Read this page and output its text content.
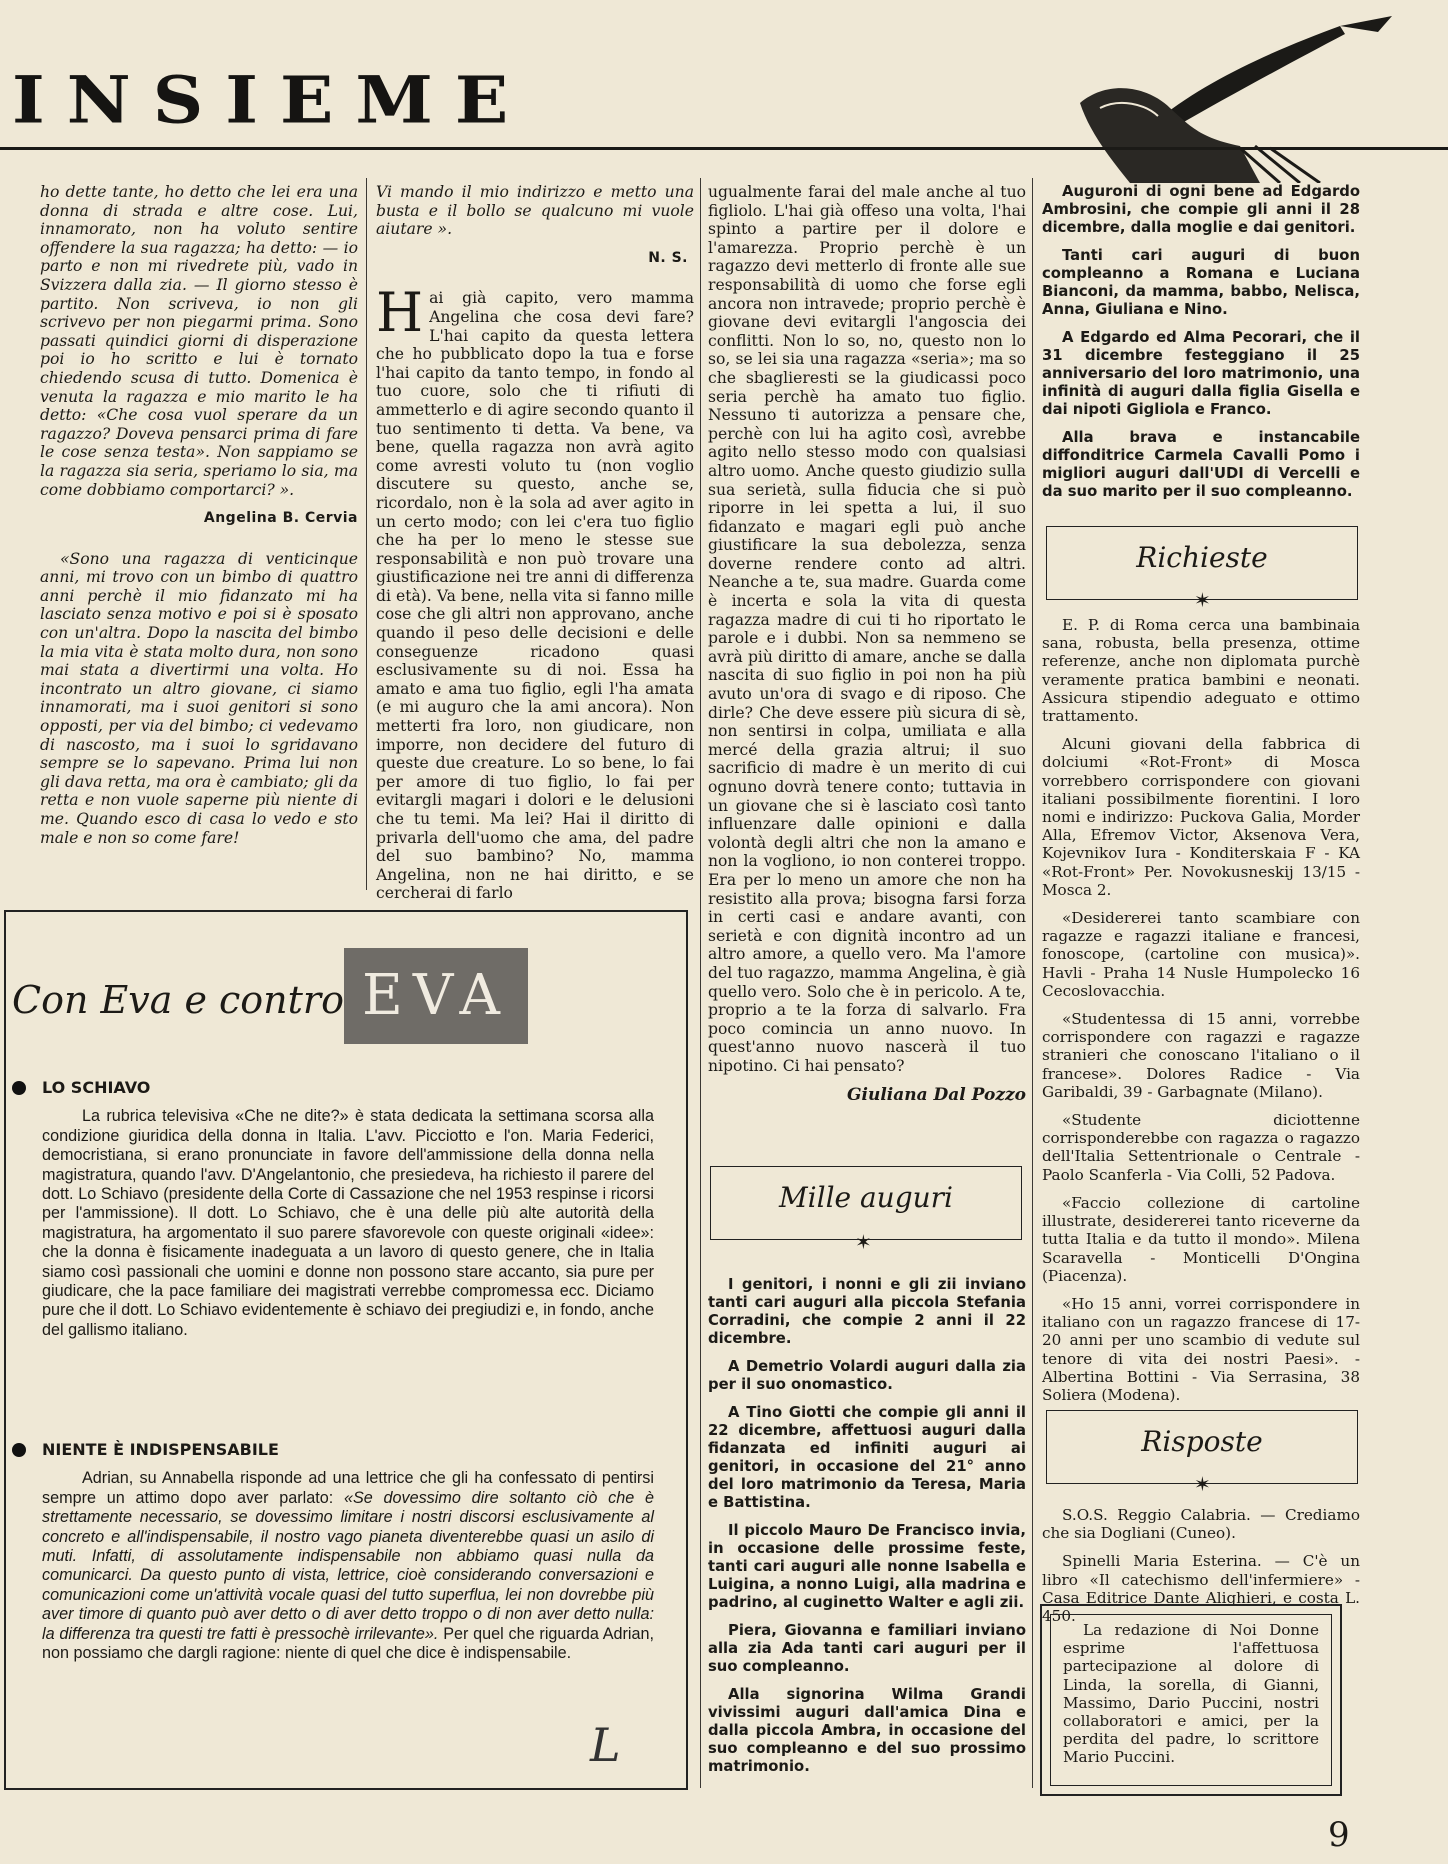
INSIEME

ho dette tante, ho detto che lei era una donna di strada e altre cose. Lui, innamorato, non ha voluto sentire offendere la sua ragazza; ha detto: — io parto e non mi rivedrete più, vado in Svizzera dalla zia. — Il giorno stesso è partito. Non scriveva, io non gli scrivevo per non piegarmi prima. Sono passati quindici giorni di disperazione poi io ho scritto e lui è tornato chiedendo scusa di tutto. Domenica è venuta la ragazza e mio marito le ha detto: «Che cosa vuol sperare da un ragazzo? Doveva pensarci prima di fare le cose senza testa». Non sappiamo se la ragazza sia seria, speriamo lo sia, ma come dobbiamo comportarci? ».

Angelina B. Cervia

«Sono una ragazza di venticinque anni, mi trovo con un bimbo di quattro anni perchè il mio fidanzato mi ha lasciato senza motivo e poi si è sposato con un'altra. Dopo la nascita del bimbo la mia vita è stata molto dura, non sono mai stata a divertirmi una volta. Ho incontrato un altro giovane, ci siamo innamorati, ma i suoi genitori si sono opposti, per via del bimbo; ci vedevamo di nascosto, ma i suoi lo sgridavano sempre se lo sapevano. Prima lui non gli dava retta, ma ora è cambiato; gli da retta e non vuole saperne più niente di me. Quando esco di casa lo vedo e sto male e non so come fare!

Vi mando il mio indirizzo e metto una busta e il bollo se qualcuno mi vuole aiutare ».

N. S.

Hai già capito, vero mamma Angelina che cosa devi fare? L'hai capito da questa lettera che ho pubblicato dopo la tua e forse l'hai capito da tanto tempo, in fondo al tuo cuore, solo che ti rifiuti di ammetterlo e di agire secondo quanto il tuo sentimento ti detta. Va bene, va bene, quella ragazza non avrà agito come avresti voluto tu (non voglio discutere su questo, anche se, ricordalo, non è la sola ad aver agito in un certo modo; con lei c'era tuo figlio che ha per lo meno le stesse sue responsabilità e non può trovare una giustificazione nei tre anni di differenza di età). Va bene, nella vita si fanno mille cose che gli altri non approvano, anche quando il peso delle decisioni e delle conseguenze ricadono quasi esclusivamente su di noi. Essa ha amato e ama tuo figlio, egli l'ha amata (e mi auguro che la ami ancora). Non metterti fra loro, non giudicare, non imporre, non decidere del futuro di queste due creature. Lo so bene, lo fai per amore di tuo figlio, lo fai per evitargli magari i dolori e le delusioni che tu temi. Ma lei? Hai il diritto di privarla dell'uomo che ama, del padre del suo bambino? No, mamma Angelina, non ne hai diritto, e se cercherai di farlo

ugualmente farai del male anche al tuo figliolo. L'hai già offeso una volta, l'hai spinto a partire per il dolore e l'amarezza. Proprio perchè è un ragazzo devi metterlo di fronte alle sue responsabilità di uomo che forse egli ancora non intravede; proprio perchè è giovane devi evitargli l'angoscia dei conflitti. Non lo so, no, questo non lo so, se lei sia una ragazza «seria»; ma so che sbaglieresti se la giudicassi poco seria perchè ha amato tuo figlio. Nessuno ti autorizza a pensare che, perchè con lui ha agito così, avrebbe agito nello stesso modo con qualsiasi altro uomo. Anche questo giudizio sulla sua serietà, sulla fiducia che si può riporre in lei spetta a lui, il suo fidanzato e magari egli può anche giustificare la sua debolezza, senza doverne rendere conto ad altri. Neanche a te, sua madre. Guarda come è incerta e sola la vita di questa ragazza madre di cui ti ho riportato le parole e i dubbi. Non sa nemmeno se avrà più diritto di amare, anche se dalla nascita di suo figlio in poi non ha più avuto un'ora di svago e di riposo. Che dirle? Che deve essere più sicura di sè, non sentirsi in colpa, umiliata e alla mercé della grazia altrui; il suo sacrificio di madre è un merito di cui ognuno dovrà tenere conto; tuttavia in un giovane che si è lasciato così tanto influenzare dalle opinioni e dalla volontà degli altri che non la amano e non la vogliono, io non conterei troppo. Era per lo meno un amore che non ha resistito alla prova; bisogna farsi forza in certi casi e andare avanti, con serietà e con dignità incontro ad un altro amore, a quello vero. Ma l'amore del tuo ragazzo, mamma Angelina, è già quello vero. Solo che è in pericolo. A te, proprio a te la forza di salvarlo. Fra poco comincia un anno nuovo. In quest'anno nuovo nascerà il tuo nipotino. Ci hai pensato?

Giuliana Dal Pozzo
Mille auguri
✶

I genitori, i nonni e gli zii inviano tanti cari auguri alla piccola Stefania Corradini, che compie 2 anni il 22 dicembre.

A Demetrio Volardi auguri dalla zia per il suo onomastico.

A Tino Giotti che compie gli anni il 22 dicembre, affettuosi auguri dalla fidanzata ed infiniti auguri ai genitori, in occasione del 21° anno del loro matrimonio da Teresa, Maria e Battistina.

Il piccolo Mauro De Francisco invia, in occasione delle prossime feste, tanti cari auguri alle nonne Isabella e Luigina, a nonno Luigi, alla madrina e padrino, al cuginetto Walter e agli zii.

Piera, Giovanna e familiari inviano alla zia Ada tanti cari auguri per il suo compleanno.

Alla signorina Wilma Grandi vivissimi auguri dall'amica Dina e dalla piccola Ambra, in occasione del suo compleanno e del suo prossimo matrimonio.

Auguroni di ogni bene ad Edgardo Ambrosini, che compie gli anni il 28 dicembre, dalla moglie e dai genitori.

Tanti cari auguri di buon compleanno a Romana e Luciana Bianconi, da mamma, babbo, Nelisca, Anna, Giuliana e Nino.

A Edgardo ed Alma Pecorari, che il 31 dicembre festeggiano il 25 anniversario del loro matrimonio, una infinità di auguri dalla figlia Gisella e dai nipoti Gigliola e Franco.

Alla brava e instancabile diffonditrice Carmela Cavalli Pomo i migliori auguri dall'UDI di Vercelli e da suo marito per il suo compleanno.

Richieste
✶

E. P. di Roma cerca una bambinaia sana, robusta, bella presenza, ottime referenze, anche non diplomata purchè veramente pratica bambini e neonati. Assicura stipendio adeguato e ottimo trattamento.

Alcuni giovani della fabbrica di dolciumi «Rot-Front» di Mosca vorrebbero corrispondere con giovani italiani possibilmente fiorentini. I loro nomi e indirizzo: Puckova Galia, Morder Alla, Efremov Victor, Aksenova Vera, Kojevnikov Iura - Konditerskaia F - KA «Rot-Front» Per. Novokusneskij 13/15 - Mosca 2.

«Desidererei tanto scambiare con ragazze e ragazzi italiane e francesi, fonoscope, (cartoline con musica)». Havli - Praha 14 Nusle Humpolecko 16 Cecoslovacchia.

«Studentessa di 15 anni, vorrebbe corrispondere con ragazzi e ragazze stranieri che conoscano l'italiano o il francese». Dolores Radice - Via Garibaldi, 39 - Garbagnate (Milano).

«Studente diciottenne corrisponderebbe con ragazza o ragazzo dell'Italia Settentrionale o Centrale - Paolo Scanferla - Via Colli, 52 Padova.

«Faccio collezione di cartoline illustrate, desidererei tanto riceverne da tutta Italia e da tutto il mondo». Milena Scaravella - Monticelli D'Ongina (Piacenza).

«Ho 15 anni, vorrei corrispondere in italiano con un ragazzo francese di 17-20 anni per uno scambio di vedute sul tenore di vita dei nostri Paesi». - Albertina Bottini - Via Serrasina, 38 Soliera (Modena).

Risposte
✶

S.O.S. Reggio Calabria. — Crediamo che sia Dogliani (Cuneo).

Spinelli Maria Esterina. — C'è un libro «Il catechismo dell'infermiere» - Casa Editrice Dante Alighieri, e costa L. 450.

La redazione di Noi Donne esprime l'affettuosa partecipazione al dolore di Linda, la sorella, di Gianni, Massimo, Dario Puccini, nostri collaboratori e amici, per la perdita del padre, lo scrittore Mario Puccini.
Con Eva e contro EVA
LO SCHIAVO

La rubrica televisiva «Che ne dite?» è stata dedicata la settimana scorsa alla condizione giuridica della donna in Italia. L'avv. Picciotto e l'on. Maria Federici, democristiana, si erano pronunciate in favore dell'ammissione della donna nella magistratura, quando l'avv. D'Angelantonio, che presiedeva, ha richiesto il parere del dott. Lo Schiavo (presidente della Corte di Cassazione che nel 1953 respinse i ricorsi per l'ammissione). Il dott. Lo Schiavo, che è una delle più alte autorità della magistratura, ha argomentato il suo parere sfavorevole con queste originali «idee»: che la donna è fisicamente inadeguata a un lavoro di questo genere, che in Italia siamo così passionali che uomini e donne non possono stare accanto, sia pure per giudicare, che la pace familiare dei magistrati verrebbe compromessa ecc. Diciamo pure che il dott. Lo Schiavo evidentemente è schiavo dei pregiudizi e, in fondo, anche del gallismo italiano.

NIENTE È INDISPENSABILE

Adrian, su Annabella risponde ad una lettrice che gli ha confessato di pentirsi sempre un attimo dopo aver parlato: «Se dovessimo dire soltanto ciò che è strettamente necessario, se dovessimo limitare i nostri discorsi esclusivamente al concreto e all'indispensabile, il nostro vago pianeta diventerebbe quasi un asilo di muti. Infatti, di assolutamente indispensabile non abbiamo quasi nulla da comunicarci. Da questo punto di vista, lettrice, cioè considerando conversazioni e comunicazioni come un'attività vocale quasi del tutto superflua, lei non dovrebbe più aver timore di quanto può aver detto o di aver detto troppo o di non aver detto nulla: la differenza tra questi tre fatti è pressochè irrilevante». Per quel che riguarda Adrian, non possiamo che dargli ragione: niente di quel che dice è indispensabile.

L
9
